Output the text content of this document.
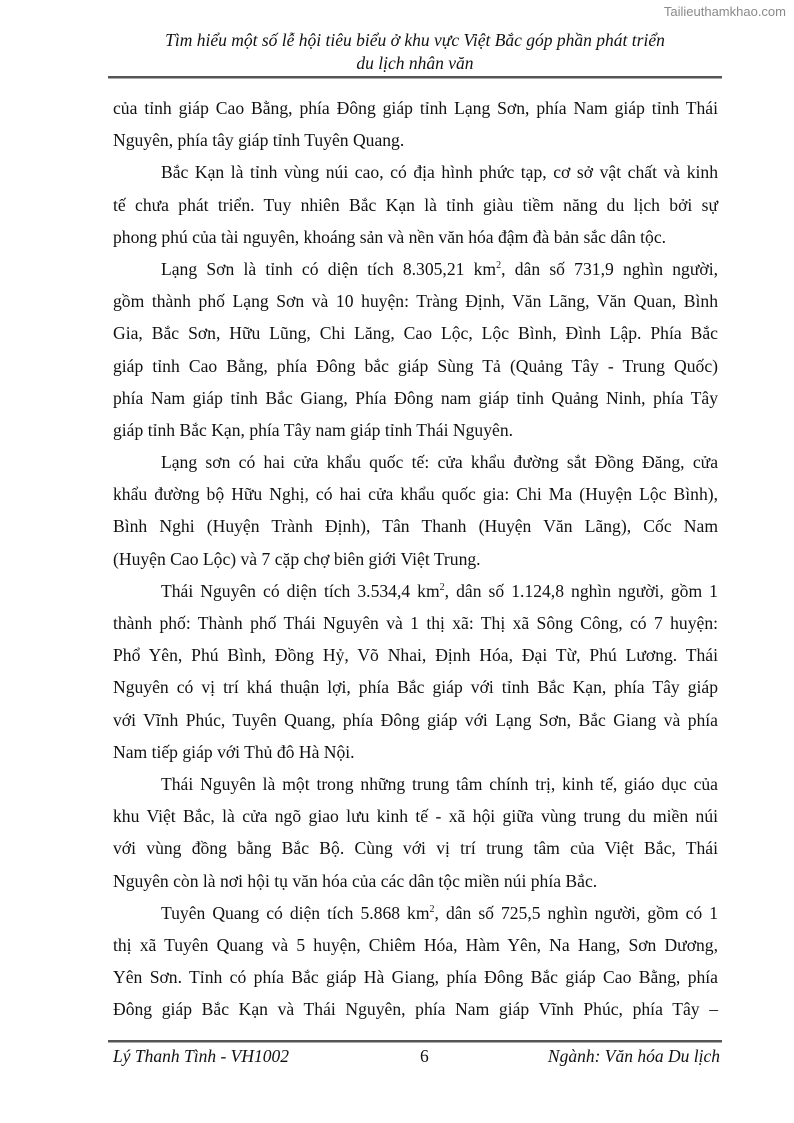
Tailieuthamkhao.com
Tìm hiểu một số lễ hội tiêu biểu ở khu vực Việt Bắc góp phần phát triển
du lịch nhân văn
của tỉnh giáp Cao Bằng, phía Đông giáp tỉnh Lạng Sơn, phía Nam giáp tỉnh Thái
Nguyên, phía tây giáp tỉnh Tuyên Quang.
Bắc Kạn là tỉnh vùng núi cao, có địa hình phức tạp, cơ sở vật chất và kinh
tế chưa phát triển. Tuy nhiên Bắc Kạn là tỉnh giàu tiềm năng du lịch bởi sự
phong phú của tài nguyên, khoáng sản và nền văn hóa đậm đà bản sắc dân tộc.
Lạng Sơn là tỉnh có diện tích 8.305,21 $km^2$, dân số 731,9 nghìn người,
gồm thành phố Lạng Sơn và 10 huyện: Tràng Định, Văn Lãng, Văn Quan, Bình
Gia, Bắc Sơn, Hữu Lũng, Chi Lăng, Cao Lộc, Lộc Bình, Đình Lập. Phía Bắc
giáp tỉnh Cao Bằng, phía Đông bắc giáp Sùng Tả (Quảng Tây - Trung Quốc)
phía Nam giáp tỉnh Bắc Giang, Phía Đông nam giáp tỉnh Quảng Ninh, phía Tây
giáp tỉnh Bắc Kạn, phía Tây nam giáp tỉnh Thái Nguyên.
Lạng sơn có hai cửa khẩu quốc tế: cửa khẩu đường sắt Đồng Đăng, cửa
khẩu đường bộ Hữu Nghị, có hai cửa khẩu quốc gia: Chi Ma (Huyện Lộc Bình),
Bình Nghi (Huyện Trành Định), Tân Thanh (Huyện Văn Lãng), Cốc Nam
(Huyện Cao Lộc) và 7 cặp chợ biên giới Việt Trung.
Thái Nguyên có diện tích 3.534,4 $km^2$, dân số 1.124,8 nghìn người, gồm 1
thành phố: Thành phố Thái Nguyên và 1 thị xã: Thị xã Sông Công, có 7 huyện:
Phổ Yên, Phú Bình, Đồng Hỷ, Võ Nhai, Định Hóa, Đại Từ, Phú Lương. Thái
Nguyên có vị trí khá thuận lợi, phía Bắc giáp với tỉnh Bắc Kạn, phía Tây giáp
với Vĩnh Phúc, Tuyên Quang, phía Đông giáp với Lạng Sơn, Bắc Giang và phía
Nam tiếp giáp với Thủ đô Hà Nội.
Thái Nguyên là một trong những trung tâm chính trị, kinh tế, giáo dục của
khu Việt Bắc, là cửa ngõ giao lưu kinh tế - xã hội giữa vùng trung du miền núi
với vùng đồng bằng Bắc Bộ. Cùng với vị trí trung tâm của Việt Bắc, Thái
Nguyên còn là nơi hội tụ văn hóa của các dân tộc miền núi phía Bắc.
Tuyên Quang có diện tích 5.868 $km^2$, dân số 725,5 nghìn người, gồm có 1
thị xã Tuyên Quang và 5 huyện, Chiêm Hóa, Hàm Yên, Na Hang, Sơn Dương,
Yên Sơn. Tỉnh có phía Bắc giáp Hà Giang, phía Đông Bắc giáp Cao Bằng, phía
Đông giáp Bắc Kạn và Thái Nguyên, phía Nam giáp Vĩnh Phúc, phía Tây –
Lý Thanh Tình - VH1002	6	Ngành: Văn hóa Du lịch
